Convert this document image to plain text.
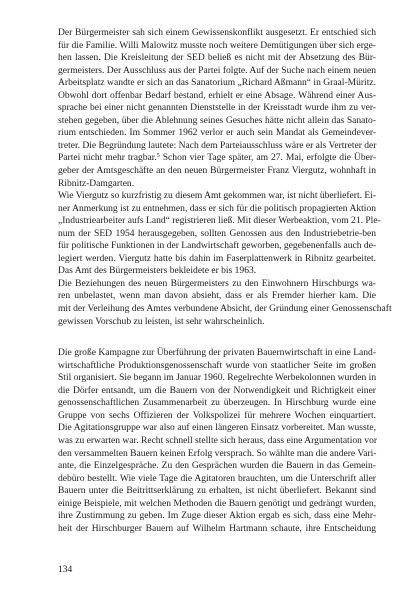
Der Bürgermeister sah sich einem Gewissenskonflikt ausgesetzt. Er entschied sich
für die Familie. Willi Malowitz musste noch weitere Demütigungen über sich erge-
hen lassen. Die Kreisleitung der SED beließ es nicht mit der Absetzung des Bür-
germeisters. Der Ausschluss aus der Partei folgte. Auf der Suche nach einem neuen
Arbeitsplatz wandte er sich an das Sanatorium „Richard Aßmann“ in Graal-Müritz.
Obwohl dort offenbar Bedarf bestand, erhielt er eine Absage. Während einer Aus-
sprache bei einer nicht genannten Dienststelle in der Kreisstadt wurde ihm zu ver-
stehen gegeben, über die Ablehnung seines Gesuches hätte nicht allein das Sanato-
rium entschieden. Im Sommer 1962 verlor er auch sein Mandat als Gemeindever-
treter. Die Begründung lautete: Nach dem Parteiausschluss wäre er als Vertreter der
Partei nicht mehr tragbar.$^5$ Schon vier Tage später, am 27. Mai, erfolgte die Über-
geber der Amtsgeschäfte an den neuen Bürgermeister Franz Viergutz, wohnhaft in
Ribnitz-Damgarten.
Wie Viergutz so kurzfristig zu diesem Amt gekommen war, ist nicht überliefert. Ei-
ner Anmerkung ist zu entnehmen, dass er sich für die politisch propagierten Aktion
„Industriearbeiter aufs Land“ registrieren ließ. Mit dieser Werbeaktion, vom 21. Ple-
num der SED 1954 herausgegeben, sollten Genossen aus den Industriebetrie-ben
für politische Funktionen in der Landwirtschaft geworben, gegebenenfalls auch de-
legiert werden. Viergutz hatte bis dahin im Faserplattenwerk in Ribnitz gearbeitet.
Das Amt des Bürgermeisters bekleidete er bis 1963.
Die Beziehungen des neuen Bürgermeisters zu den Einwohnern Hirschburgs wa-
ren unbelastet, wenn man davon absieht, dass er als Fremder hierher kam. Die
mit der Verleihung des Amtes verbundene Absicht, der Gründung einer Genossenschaft
gewissen Vorschub zu leisten, ist sehr wahrscheinlich.
Die große Kampagne zur Überführung der privaten Bauernwirtschaft in eine Land-
wirtschaftliche Produktionsgenossenschaft wurde von staatlicher Seite im großen
Stil organisiert. Sie begann im Januar 1960. Regelrechte Werbekolonnen wurden in
die Dörfer entsandt, um die Bauern von der Notwendigkeit und Richtigkeit einer
genossenschaftlichen Zusammenarbeit zu überzeugen. In Hirschburg wurde eine
Gruppe von sechs Offizieren der Volkspolizei für mehrere Wochen einquartiert.
Die Agitationsgruppe war also auf einen längeren Einsatz vorbereitet. Man wusste,
was zu erwarten war. Recht schnell stellte sich heraus, dass eine Argumentation vor
den versammelten Bauern keinen Erfolg versprach. So wählte man die andere Vari-
ante, die Einzelgespräche. Zu den Gesprächen wurden die Bauern in das Gemein-
debüro bestellt. Wie viele Tage die Agitatoren brauchten, um die Unterschrift aller
Bauern unter die Beitrittserklärung zu erhalten, ist nicht überliefert. Bekannt sind
einige Beispiele, mit welchen Methoden die Bauern genötigt und gedrängt wurden,
ihre Zustimmung zu geben. Im Zuge dieser Aktion ergab es sich, dass eine Mehr-
heit der Hirschburger Bauern auf Wilhelm Hartmann schaute, ihre Entscheidung
134
